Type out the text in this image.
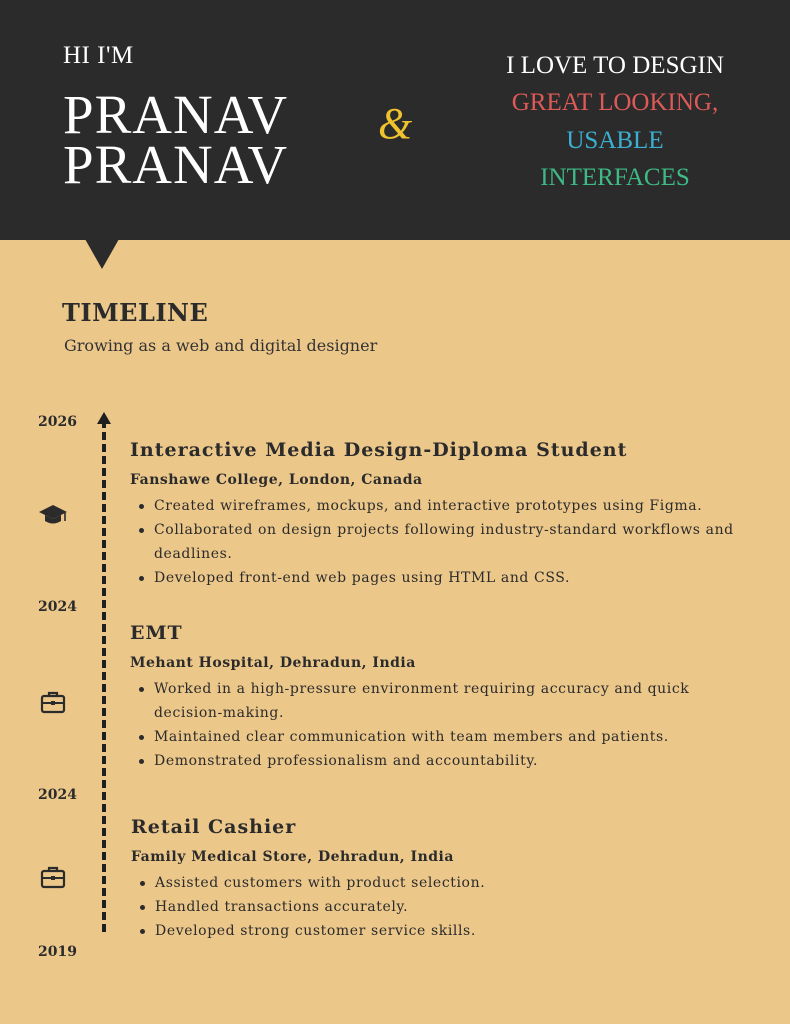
HI I'M
PRANAV
PRANAV
&
I LOVE TO DESGIN
GREAT LOOKING,
USABLE
INTERFACES
TIMELINE
Growing as a web and digital designer
2026
2024
2024
2019
Interactive Media Design-Diploma Student
Fanshawe College, London, Canada
Created wireframes, mockups, and interactive prototypes using Figma.
Collaborated on design projects following industry-standard workflows and deadlines.
Developed front-end web pages using HTML and CSS.
EMT
Mehant Hospital, Dehradun, India
Worked in a high-pressure environment requiring accuracy and quick decision-making.
Maintained clear communication with team members and patients.
Demonstrated professionalism and accountability.
Retail Cashier
Family Medical Store, Dehradun, India
Assisted customers with product selection.
Handled transactions accurately.
Developed strong customer service skills.
